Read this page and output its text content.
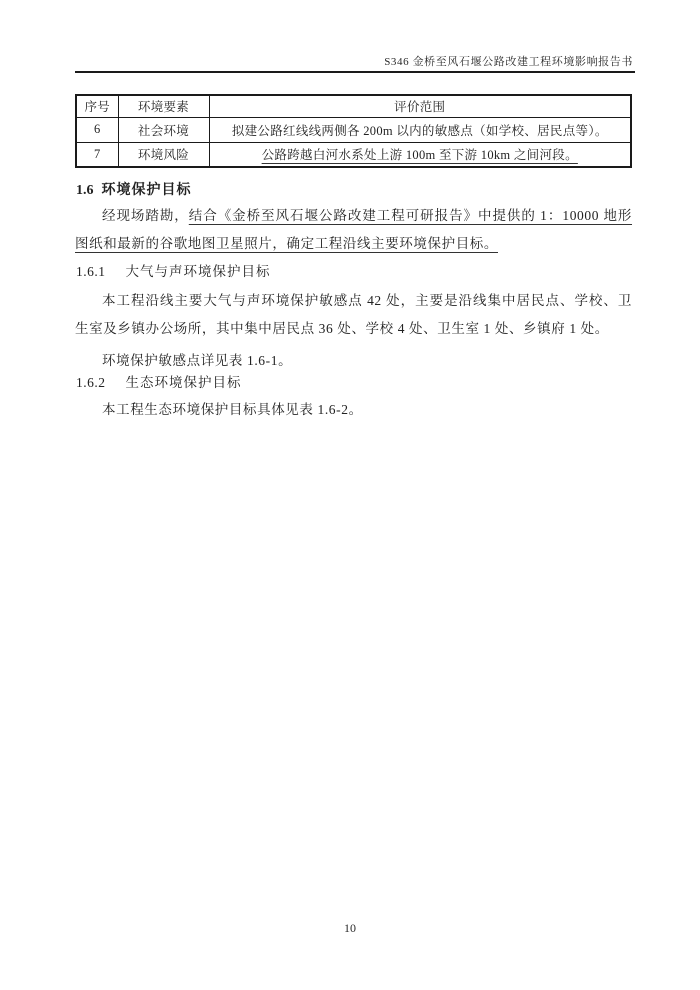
S346 金桥至风石堰公路改建工程环境影响报告书
序号	环境要素	评价范围
6	社会环境	拟建公路红线线两侧各 200m 以内的敏感点（如学校、居民点等）。
7	环境风险	公路跨越白河水系处上游 100m 至下游 10km 之间河段。
1.6 环境保护目标
经现场踏勘，结合《金桥至风石堰公路改建工程可研报告》中提供的 1：10000 地形图纸和最新的谷歌地图卫星照片，确定工程沿线主要环境保护目标。
1.6.1 大气与声环境保护目标
本工程沿线主要大气与声环境保护敏感点 42 处，主要是沿线集中居民点、学校、卫生室及乡镇办公场所，其中集中居民点 36 处、学校 4 处、卫生室 1 处、乡镇府 1 处。
环境保护敏感点详见表 1.6-1。
1.6.2 生态环境保护目标
本工程生态环境保护目标具体见表 1.6-2。
10
